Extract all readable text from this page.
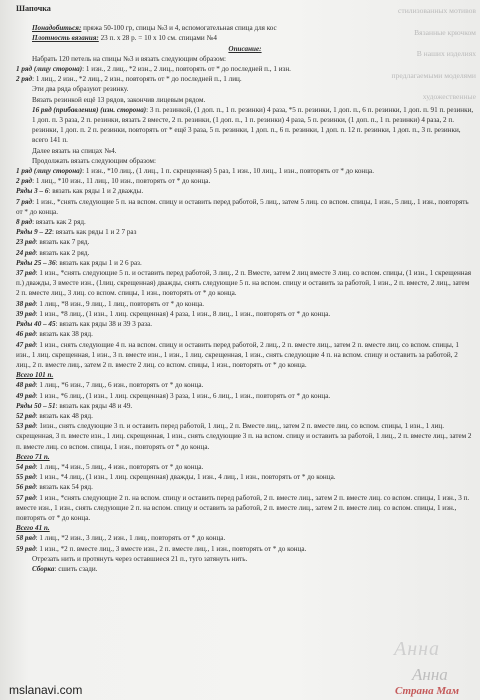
стилизованных мотивов
Вязанные крючком
В наших изделиях
предлагаемыми моделями
художественные

Шапочка

Понадобиться: пряжа 50-100 гр, спицы №3 и 4, вспомогательная спица для кос

Плотность вязания: 23 п. х 28 р. = 10 х 10 см. спицами №4

Описание:

Набрать 120 петель на спицы №3 и вязать следующим образом:

1 ряд (лицу сторона): 1 изн., 2 лиц., *2 изн., 2 лиц., повторять от * до последней п., 1 изн.

2 ряд: 1 лиц., 2 изн., *2 лиц., 2 изн., повторять от * до последней п., 1 лиц.

Эти два ряда образуют резинку.

Вязать резинкой ещё 13 рядов, закончив лицевым рядом.

16 ряд (прибавления) (изн. сторона): 3 п. резинкой, (1 доп. п., 1 п. резинки) 4 раза, *5 п. резинки, 1 доп. п., 6 п. резинки, 1 доп. п. 91 п. резинки, 1 доп. п. 3 раза, 2 п. резинки, вязать 2 вместе, 2 п. резинки, (1 доп. п., 1 п. резинки) 4 раза, 5 п. резинки, (1 доп. п., 1 п. резинки) 4 раза, 2 п. резинки, 1 доп. п. 2 п. резинки, повторять от * ещё 3 раза, 5 п. резинки, 1 доп. п., 6 п. резинки, 1 доп. п. 12 п. резинки, 1 доп. п., 3 п. резинки, всего 141 п.

Далее вязать на спицах №4.

Продолжать вязать следующим образом:

1 ряд (лицу сторона): 1 изн., *10 лиц., (1 лиц., 1 п. скрещенная) 5 раз, 1 изн., 10 лиц., 1 изн., повторять от * до конца.

2 ряд: 1 лиц., *10 изн., 11 лиц., 10 изн., повторять от * до конца.

Ряды 3 – 6: вязать как ряды 1 и 2 дважды.

7 ряд: 1 изн., *снять следующие 5 п. на вспом. спицу и оставить перед работой, 5 лиц., затем 5 лиц. со вспом. спицы, 1 изн., 5 лиц., 1 изн., повторять от * до конца.

8 ряд: вязать как 2 ряд.

Ряды 9 – 22: вязать как ряды 1 и 2 7 раз

23 ряд: вязать как 7 ряд.

24 ряд: вязать как 2 ряд.

Ряды 25 – 36: вязать как ряды 1 и 2 6 раз.

37 ряд: 1 изн., *снять следующие 5 п. и оставить перед работой, 3 лиц., 2 п. Вместе, затем 2 лиц вместе 3 лиц. со вспом. спицы, (1 изн., 1 скрещенная п.) дважды, 3 вместе изн., (1лиц. скрещенная) дважды, снять следующие 5 п. на вспом. спицу и оставить за работой, 1 изн., 2 п. вместе, 2 лиц., затем 2 п. вместе лиц., 3 лиц. со вспом. спицы, 1 изн., повторять от * до конца.

38 ряд: 1 лиц., *8 изн., 9 лиц., 1 лиц., повторять от * до конца.

39 ряд: 1 изн., *8 лиц., (1 изн., 1 лиц. скрещенная) 4 раза, 1 изн., 8 лиц., 1 изн., повторять от * до конца.

Ряды 40 – 45: вязать как ряды 38 и 39 3 раза.

46 ряд: вязать как 38 ряд.

47 ряд: 1 изн., снять следующие 4 п. на вспом. спицу и оставить перед работой, 2 лиц., 2 п. вместе лиц., затем 2 п. вместе лиц. со вспом. спицы, 1 изн., 1 лиц. скрещенная, 1 изн., 3 п. вместе изн., 1 изн., 1 лиц. скрещенная, 1 изн., снять следующие 4 п. на вспом. спицу и оставить за работой, 2 лиц., 2 п. вместе лиц., затем 2 п. вместе 2 лиц. со вспом. спицы, 1 изн., повторять от * до конца.

Всего 101 п.

48 ряд: 1 лиц., *6 изн., 7 лиц., 6 изн., повторять от * до конца.

49 ряд: 1 изн., *6 лиц., (1 изн., 1 лиц. скрещенная) 3 раза, 1 изн., 6 лиц., 1 изн., повторять от * до конца.

Ряды 50 – 51: вязать как ряды 48 и 49.

52 ряд: вязать как 48 ряд.

53 ряд: 1изн., снять следующие 3 п. и оставить перед работой, 1 лиц., 2 п. Вместе лиц., затем 2 п. вместе лиц. со вспом. спицы, 1 изн., 1 лиц. скрещенная, 3 п. вместе изн., 1 лиц. скрещенная, 1 изн., снять следующие 3 п. на вспом. спицу и оставить за работой, 1 лиц., 2 п. вместе лиц., затем 2 п. вместе лиц. со вспом. спицы, 1 изн., повторять от * до конца.

Всего 71 п.

54 ряд: 1 лиц., *4 изн., 5 лиц., 4 изн., повторять от * до конца.

55 ряд: 1 изн., *4 лиц., (1 изн., 1 лиц. скрещенная) дважды, 1 изн., 4 лиц., 1 изн., повторять от * до конца.

56 ряд: вязать как 54 ряд.

57 ряд: 1 изн., *снять следующие 2 п. на вспом. спицу и оставить перед работой, 2 п. вместе лиц., затем 2 п. вместе лиц. со вспом. спицы, 1 изн., 3 п. вместе изн., 1 изн., снять следующие 2 п. на вспом. спицу и оставить за работой, 2 п. вместе лиц., затем 2 п. вместе лиц. со вспом. спицы, 1 изн., повторять от * до конца.

Всего 41 п.

58 ряд: 1 лиц., *2 изн., 3 лиц., 2 изн., 1 лиц., повторять от * до конца.

59 ряд: 1 изн., *2 п. вместе лиц., 3 вместе изн., 2 п. вместе лиц., 1 изн., повторять от * до конца.

Отрезать нить и протянуть через оставшиеся 21 п., туго затянуть нить.

Сборка: сшить сзади.

Анна
Анна
mslanavi.com	Страна Мам
